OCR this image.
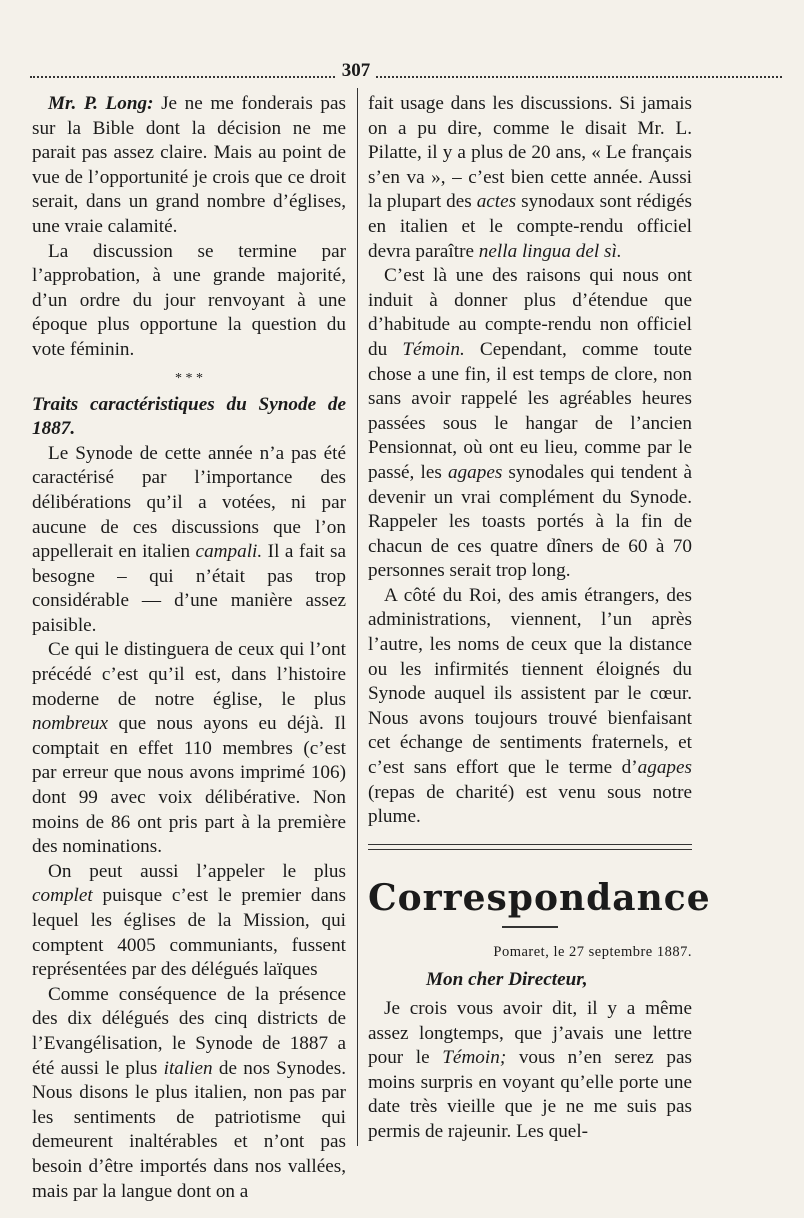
307

Mr. P. Long: Je ne me fonderais pas sur la Bible dont la décision ne me parait pas assez claire. Mais au point de vue de l’opportunité je crois que ce droit serait, dans un grand nombre d’églises, une vraie calamité.

La discussion se termine par l’approbation, à une grande majorité, d’un ordre du jour renvoyant à une époque plus opportune la question du vote féminin.

* * *

Traits caractéristiques du Synode de 1887.

Le Synode de cette année n’a pas été caractérisé par l’importance des délibérations qu’il a votées, ni par aucune de ces discussions que l’on appellerait en italien campali. Il a fait sa besogne – qui n’était pas trop considérable — d’une manière assez paisible.

Ce qui le distinguera de ceux qui l’ont précédé c’est qu’il est, dans l’histoire moderne de notre église, le plus nombreux que nous ayons eu déjà. Il comptait en effet 110 membres (c’est par erreur que nous avons imprimé 106) dont 99 avec voix délibérative. Non moins de 86 ont pris part à la première des nominations.

On peut aussi l’appeler le plus complet puisque c’est le premier dans lequel les églises de la Mission, qui comptent 4005 communiants, fussent représentées par des délégués laïques

Comme conséquence de la présence des dix délégués des cinq districts de l’Evangélisation, le Synode de 1887 a été aussi le plus italien de nos Synodes. Nous disons le plus italien, non pas par les sentiments de patriotisme qui demeurent inaltérables et n’ont pas besoin d’être importés dans nos vallées, mais par la langue dont on a

fait usage dans les discussions. Si jamais on a pu dire, comme le disait Mr. L. Pilatte, il y a plus de 20 ans, « Le français s’en va », – c’est bien cette année. Aussi la plupart des actes synodaux sont rédigés en italien et le compte-rendu officiel devra paraître nella lingua del sì.

C’est là une des raisons qui nous ont induit à donner plus d’étendue que d’habitude au compte-rendu non officiel du Témoin. Cependant, comme toute chose a une fin, il est temps de clore, non sans avoir rappelé les agréables heures passées sous le hangar de l’ancien Pensionnat, où ont eu lieu, comme par le passé, les agapes synodales qui tendent à devenir un vrai complément du Synode. Rappeler les toasts portés à la fin de chacun de ces quatre dîners de 60 à 70 personnes serait trop long.

A côté du Roi, des amis étrangers, des administrations, viennent, l’un après l’autre, les noms de ceux que la distance ou les infirmités tiennent éloignés du Synode auquel ils assistent par le cœur. Nous avons toujours trouvé bienfaisant cet échange de sentiments fraternels, et c’est sans effort que le terme d’agapes (repas de charité) est venu sous notre plume.

Correspondance

Pomaret, le 27 septembre 1887.

Mon cher Directeur,

Je crois vous avoir dit, il y a même assez longtemps, que j’avais une lettre pour le Témoin; vous n’en serez pas moins surpris en voyant qu’elle porte une date très vieille que je ne me suis pas permis de rajeunir. Les quel-
